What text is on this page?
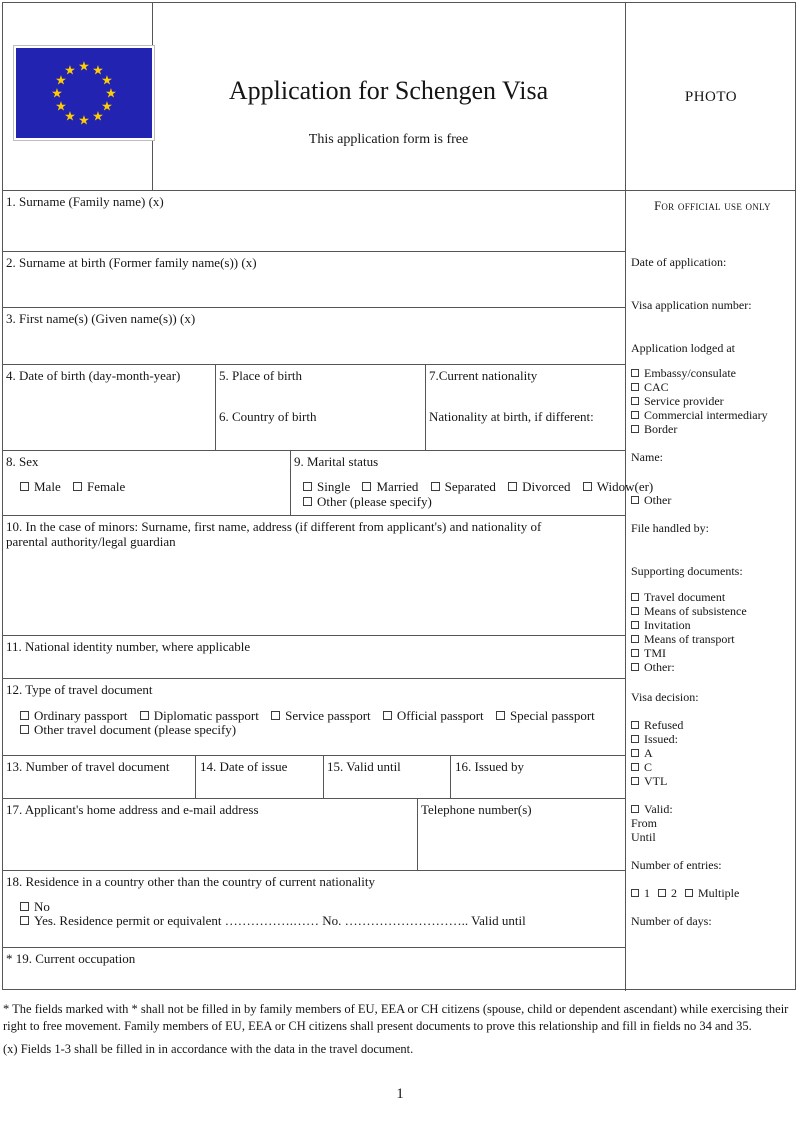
Application for Schengen Visa
This application form is free
PHOTO
1. Surname (Family name) (x)
2. Surname at birth (Former family name(s)) (x)
3. First name(s) (Given name(s)) (x)
4. Date of birth (day-month-year)	5. Place of birth
6. Country of birth
7.Current nationality
Nationality at birth, if different:
8. Sex
Male Female
9. Marital status
Single Married Separated Divorced Widow(er)
Other (please specify)
10. In the case of minors: Surname, first name, address (if different from applicant's) and nationality of parental authority/legal guardian
11. National identity number, where applicable
12. Type of travel document
Ordinary passport Diplomatic passport Service passport Official passport Special passport
Other travel document (please specify)
13. Number of travel document 14. Date of issue	15. Valid until	16. Issued by
17. Applicant's home address and e-mail address	Telephone number(s)
18. Residence in a country other than the country of current nationality
No
Yes. Residence permit or equivalent …………….…… No. ……………………….. Valid until
* 19. Current occupation
For official use only
Date of application:
Visa application number:
Application lodged at
Embassy/consulate
CAC
Service provider
Commercial intermediary
Border
Name:
Other
File handled by:
Supporting documents:
Travel document
Means of subsistence
Invitation
Means of transport
TMI
Other:
Visa decision:
Refused
Issued:
A
C
VTL
Valid:
From
Until
Number of entries:
1 2 Multiple
Number of days:
* The fields marked with * shall not be filled in by family members of EU, EEA or CH citizens (spouse, child or dependent ascendant) while exercising their right to free movement. Family members of EU, EEA or CH citizens shall present documents to prove this relationship and fill in fields no 34 and 35.
(x) Fields 1-3 shall be filled in in accordance with the data in the travel document.
1
